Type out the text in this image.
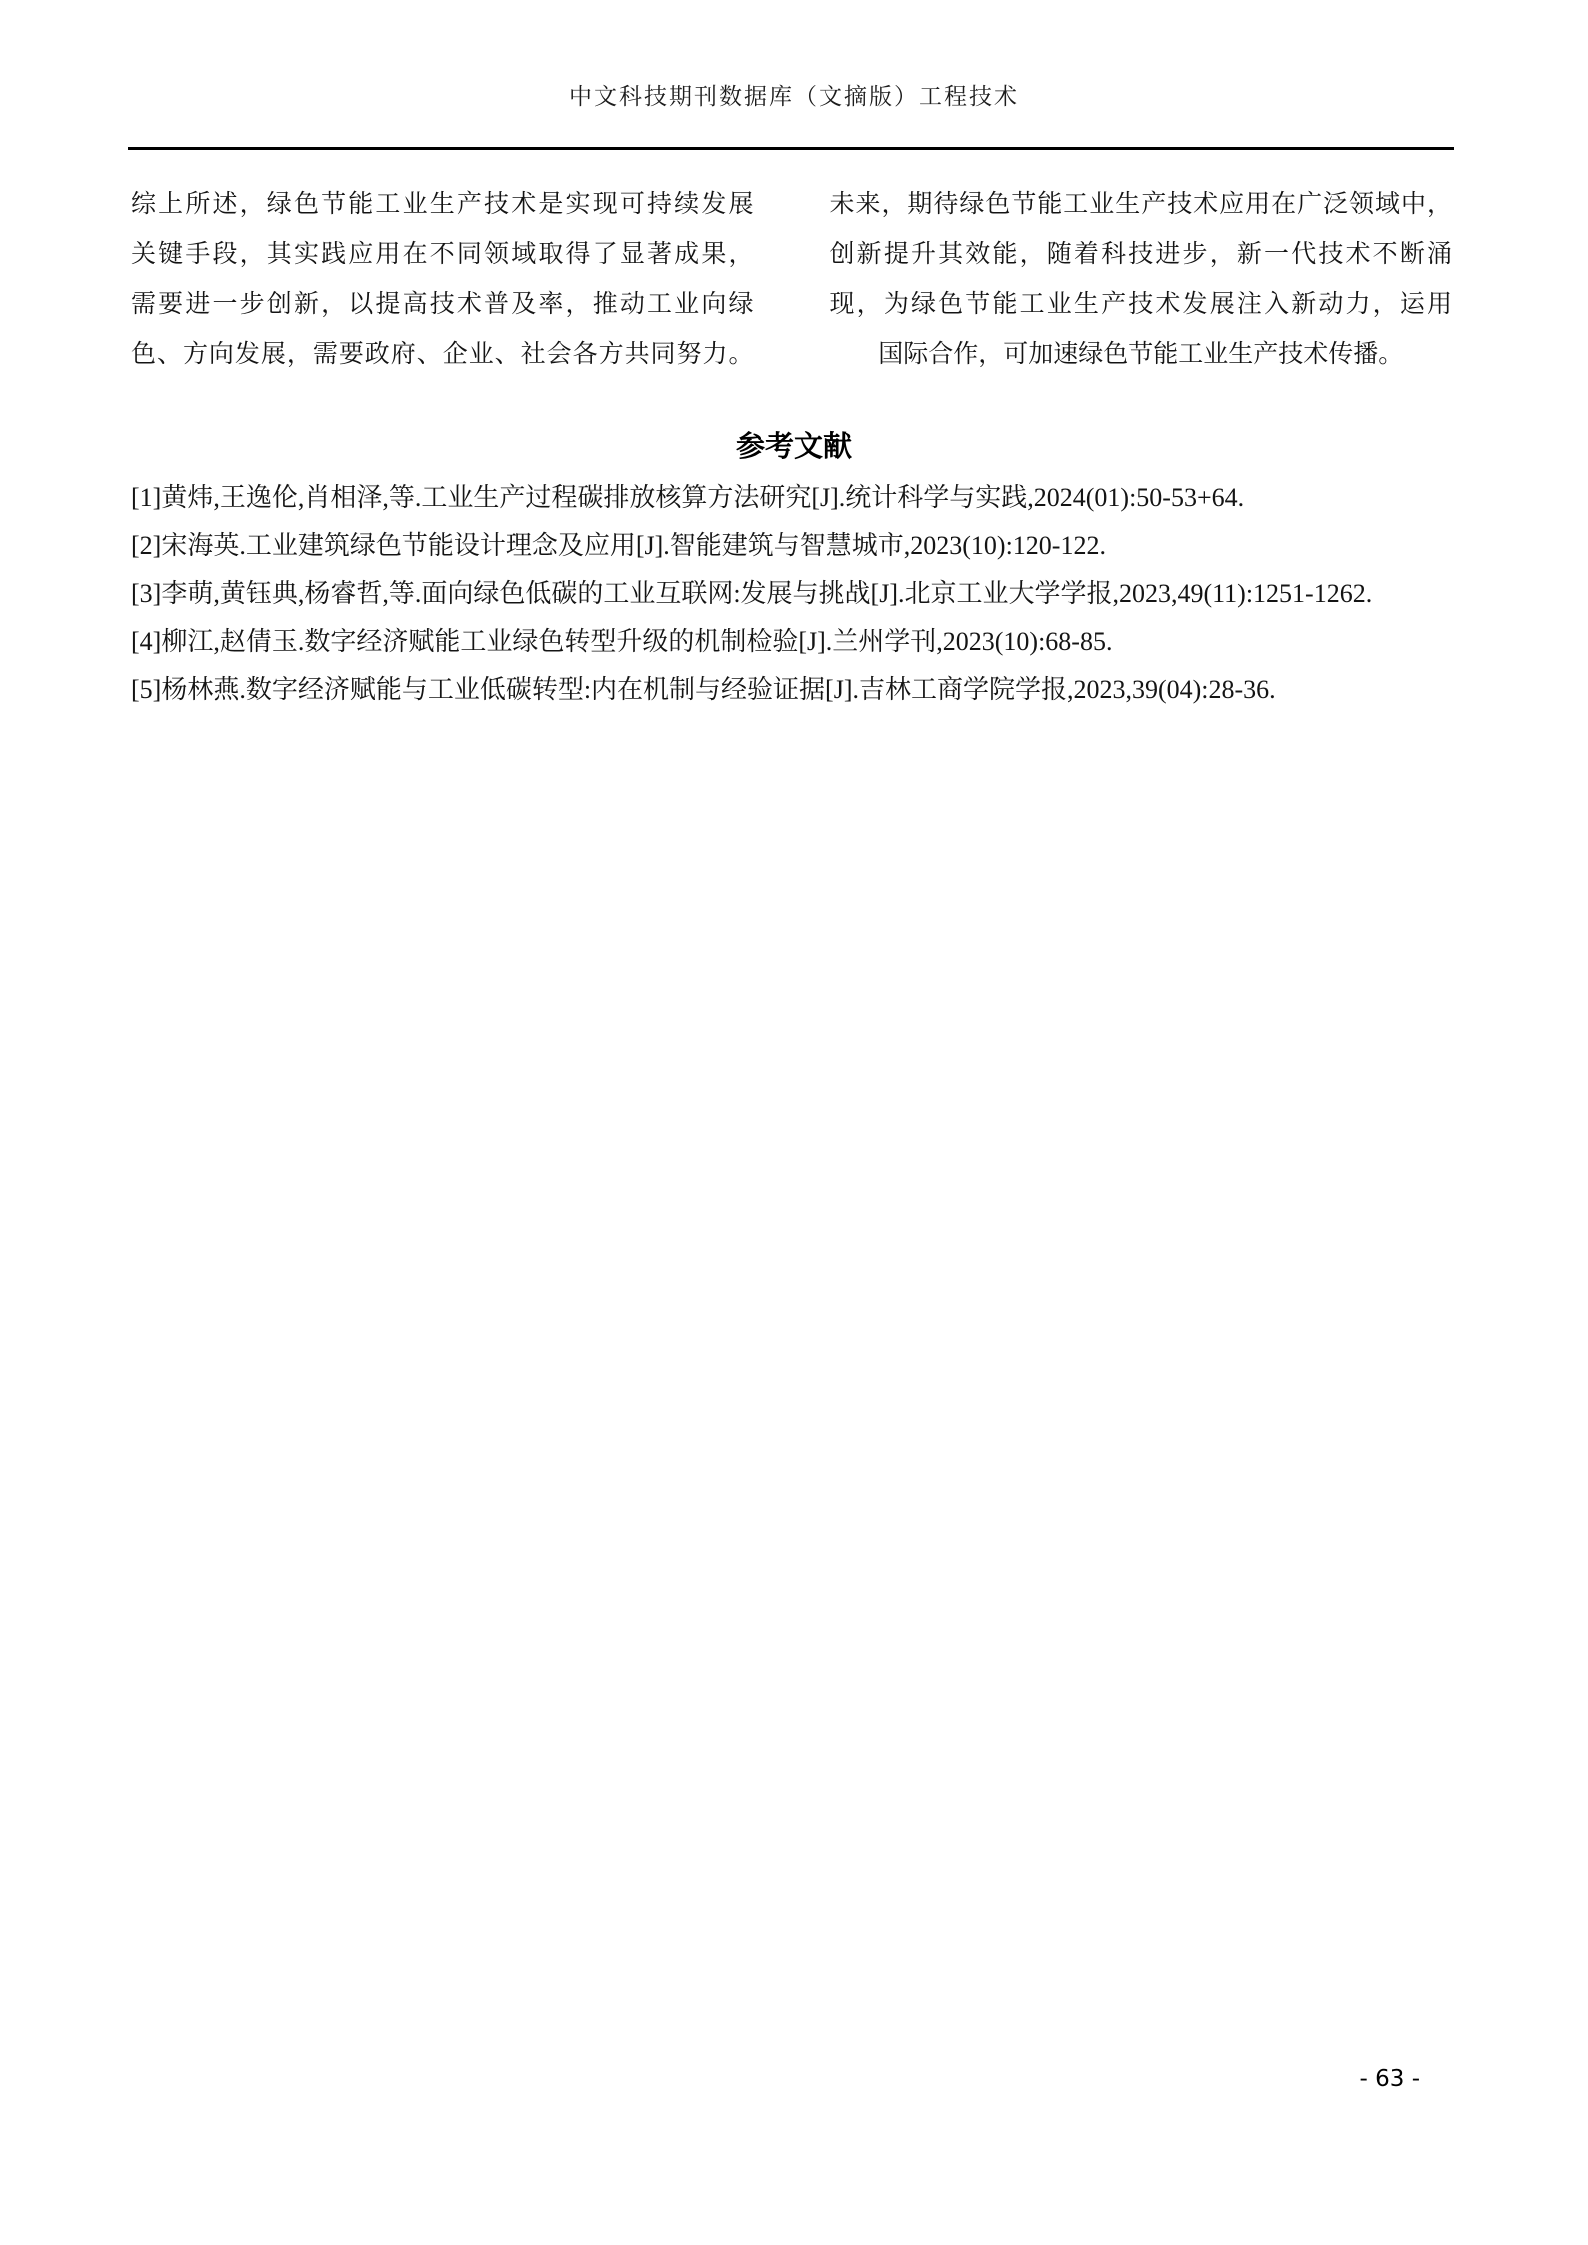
中文科技期刊数据库（文摘版）工程技术
综上所述，绿色节能工业生产技术是实现可持续发展
关键手段，其实践应用在不同领域取得了显著成果，
需要进一步创新，以提高技术普及率，推动工业向绿
色、方向发展，需要政府、企业、社会各方共同努力。
未来，期待绿色节能工业生产技术应用在广泛领域中，
创新提升其效能，随着科技进步，新一代技术不断涌
现，为绿色节能工业生产技术发展注入新动力，运用
国际合作，可加速绿色节能工业生产技术传播。
参考文献

[1]黄炜,王逸伦,肖相泽,等.工业生产过程碳排放核算方法研究[J].统计科学与实践,2024(01):50-53+64.

[2]宋海英.工业建筑绿色节能设计理念及应用[J].智能建筑与智慧城市,2023(10):120-122.

[3]李萌,黄钰典,杨睿哲,等.面向绿色低碳的工业互联网:发展与挑战[J].北京工业大学学报,2023,49(11):1251-1262.

[4]柳江,赵倩玉.数字经济赋能工业绿色转型升级的机制检验[J].兰州学刊,2023(10):68-85.

[5]杨林燕.数字经济赋能与工业低碳转型:内在机制与经验证据[J].吉林工商学院学报,2023,39(04):28-36.

- 63 -
